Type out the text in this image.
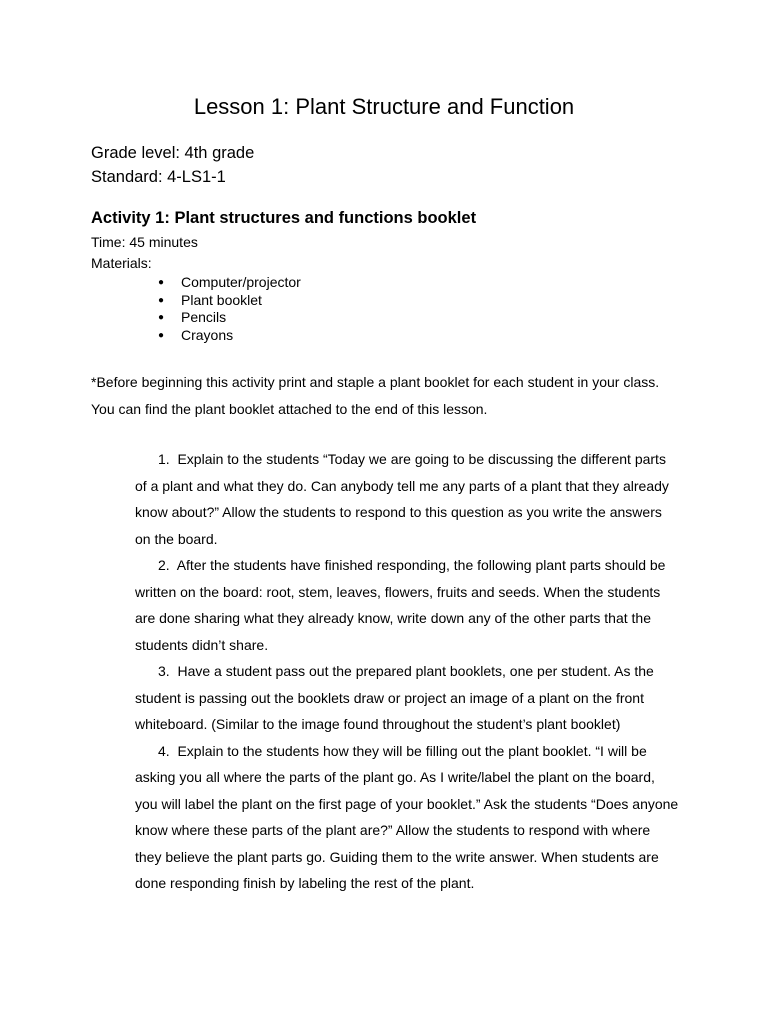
Lesson 1: Plant Structure and Function

Grade level: 4th grade

Standard: 4-LS1-1

Activity 1: Plant structures and functions booklet

Time: 45 minutes

Materials:

● Computer/projector
● Plant booklet
● Pencils
● Crayons

*Before beginning this activity print and staple a plant booklet for each student in your class. You can find the plant booklet attached to the end of this lesson.

1. Explain to the students “Today we are going to be discussing the different parts of a plant and what they do. Can anybody tell me any parts of a plant that they already know about?” Allow the students to respond to this question as you write the answers on the board.
2. After the students have finished responding, the following plant parts should be written on the board: root, stem, leaves, flowers, fruits and seeds. When the students are done sharing what they already know, write down any of the other parts that the students didn’t share.
3. Have a student pass out the prepared plant booklets, one per student. As the student is passing out the booklets draw or project an image of a plant on the front whiteboard. (Similar to the image found throughout the student’s plant booklet)
4. Explain to the students how they will be filling out the plant booklet. “I will be asking you all where the parts of the plant go. As I write/label the plant on the board, you will label the plant on the first page of your booklet.” Ask the students “Does anyone know where these parts of the plant are?” Allow the students to respond with where they believe the plant parts go. Guiding them to the write answer. When students are done responding finish by labeling the rest of the plant.
